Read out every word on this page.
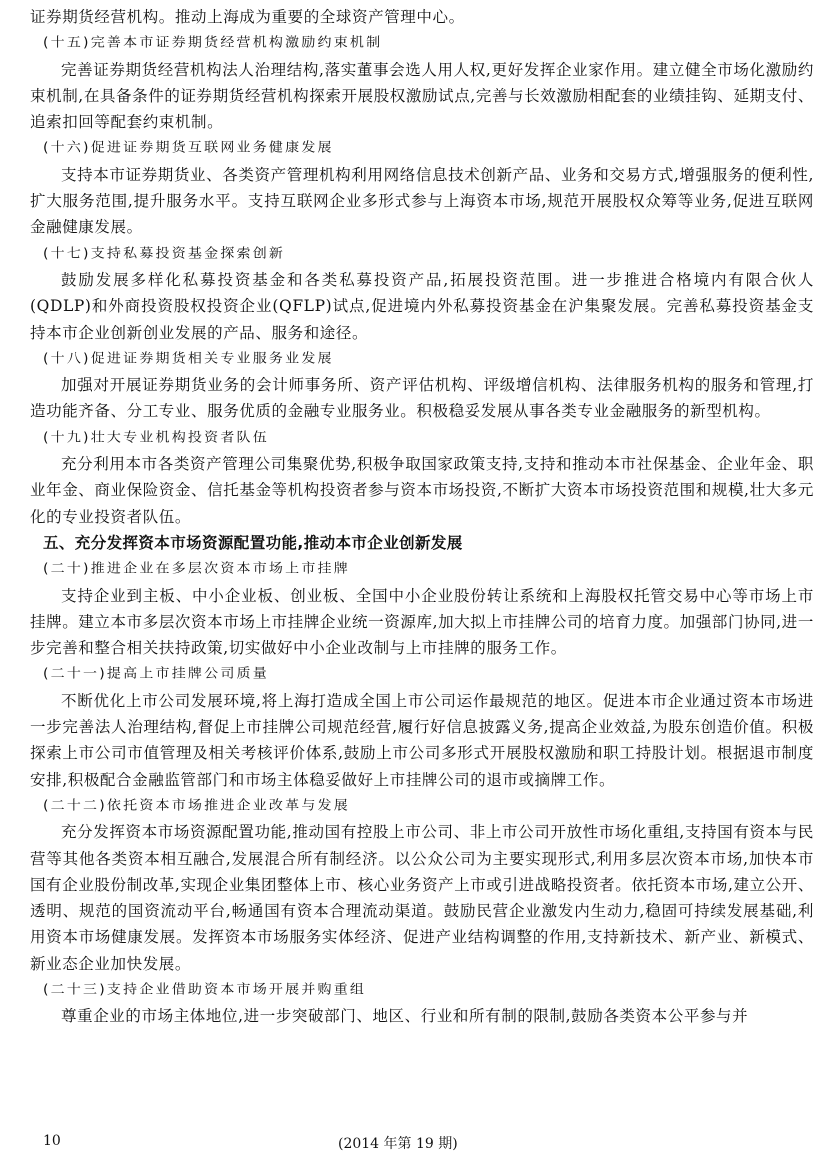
证券期货经营机构。推动上海成为重要的全球资产管理中心。

(十五)完善本市证券期货经营机构激励约束机制

完善证券期货经营机构法人治理结构,落实董事会选人用人权,更好发挥企业家作用。建立健全市场化激励约束机制,在具备条件的证券期货经营机构探索开展股权激励试点,完善与长效激励相配套的业绩挂钩、延期支付、追索扣回等配套约束机制。

(十六)促进证券期货互联网业务健康发展

支持本市证券期货业、各类资产管理机构利用网络信息技术创新产品、业务和交易方式,增强服务的便利性,扩大服务范围,提升服务水平。支持互联网企业多形式参与上海资本市场,规范开展股权众筹等业务,促进互联网金融健康发展。

(十七)支持私募投资基金探索创新

鼓励发展多样化私募投资基金和各类私募投资产品,拓展投资范围。进一步推进合格境内有限合伙人(QDLP)和外商投资股权投资企业(QFLP)试点,促进境内外私募投资基金在沪集聚发展。完善私募投资基金支持本市企业创新创业发展的产品、服务和途径。

(十八)促进证券期货相关专业服务业发展

加强对开展证券期货业务的会计师事务所、资产评估机构、评级增信机构、法律服务机构的服务和管理,打造功能齐备、分工专业、服务优质的金融专业服务业。积极稳妥发展从事各类专业金融服务的新型机构。

(十九)壮大专业机构投资者队伍

充分利用本市各类资产管理公司集聚优势,积极争取国家政策支持,支持和推动本市社保基金、企业年金、职业年金、商业保险资金、信托基金等机构投资者参与资本市场投资,不断扩大资本市场投资范围和规模,壮大多元化的专业投资者队伍。

五、充分发挥资本市场资源配置功能,推动本市企业创新发展

(二十)推进企业在多层次资本市场上市挂牌

支持企业到主板、中小企业板、创业板、全国中小企业股份转让系统和上海股权托管交易中心等市场上市挂牌。建立本市多层次资本市场上市挂牌企业统一资源库,加大拟上市挂牌公司的培育力度。加强部门协同,进一步完善和整合相关扶持政策,切实做好中小企业改制与上市挂牌的服务工作。

(二十一)提高上市挂牌公司质量

不断优化上市公司发展环境,将上海打造成全国上市公司运作最规范的地区。促进本市企业通过资本市场进一步完善法人治理结构,督促上市挂牌公司规范经营,履行好信息披露义务,提高企业效益,为股东创造价值。积极探索上市公司市值管理及相关考核评价体系,鼓励上市公司多形式开展股权激励和职工持股计划。根据退市制度安排,积极配合金融监管部门和市场主体稳妥做好上市挂牌公司的退市或摘牌工作。

(二十二)依托资本市场推进企业改革与发展

充分发挥资本市场资源配置功能,推动国有控股上市公司、非上市公司开放性市场化重组,支持国有资本与民营等其他各类资本相互融合,发展混合所有制经济。以公众公司为主要实现形式,利用多层次资本市场,加快本市国有企业股份制改革,实现企业集团整体上市、核心业务资产上市或引进战略投资者。依托资本市场,建立公开、透明、规范的国资流动平台,畅通国有资本合理流动渠道。鼓励民营企业激发内生动力,稳固可持续发展基础,利用资本市场健康发展。发挥资本市场服务实体经济、促进产业结构调整的作用,支持新技术、新产业、新模式、新业态企业加快发展。

(二十三)支持企业借助资本市场开展并购重组

尊重企业的市场主体地位,进一步突破部门、地区、行业和所有制的限制,鼓励各类资本公平参与并

10	(2014 年第 19 期)
